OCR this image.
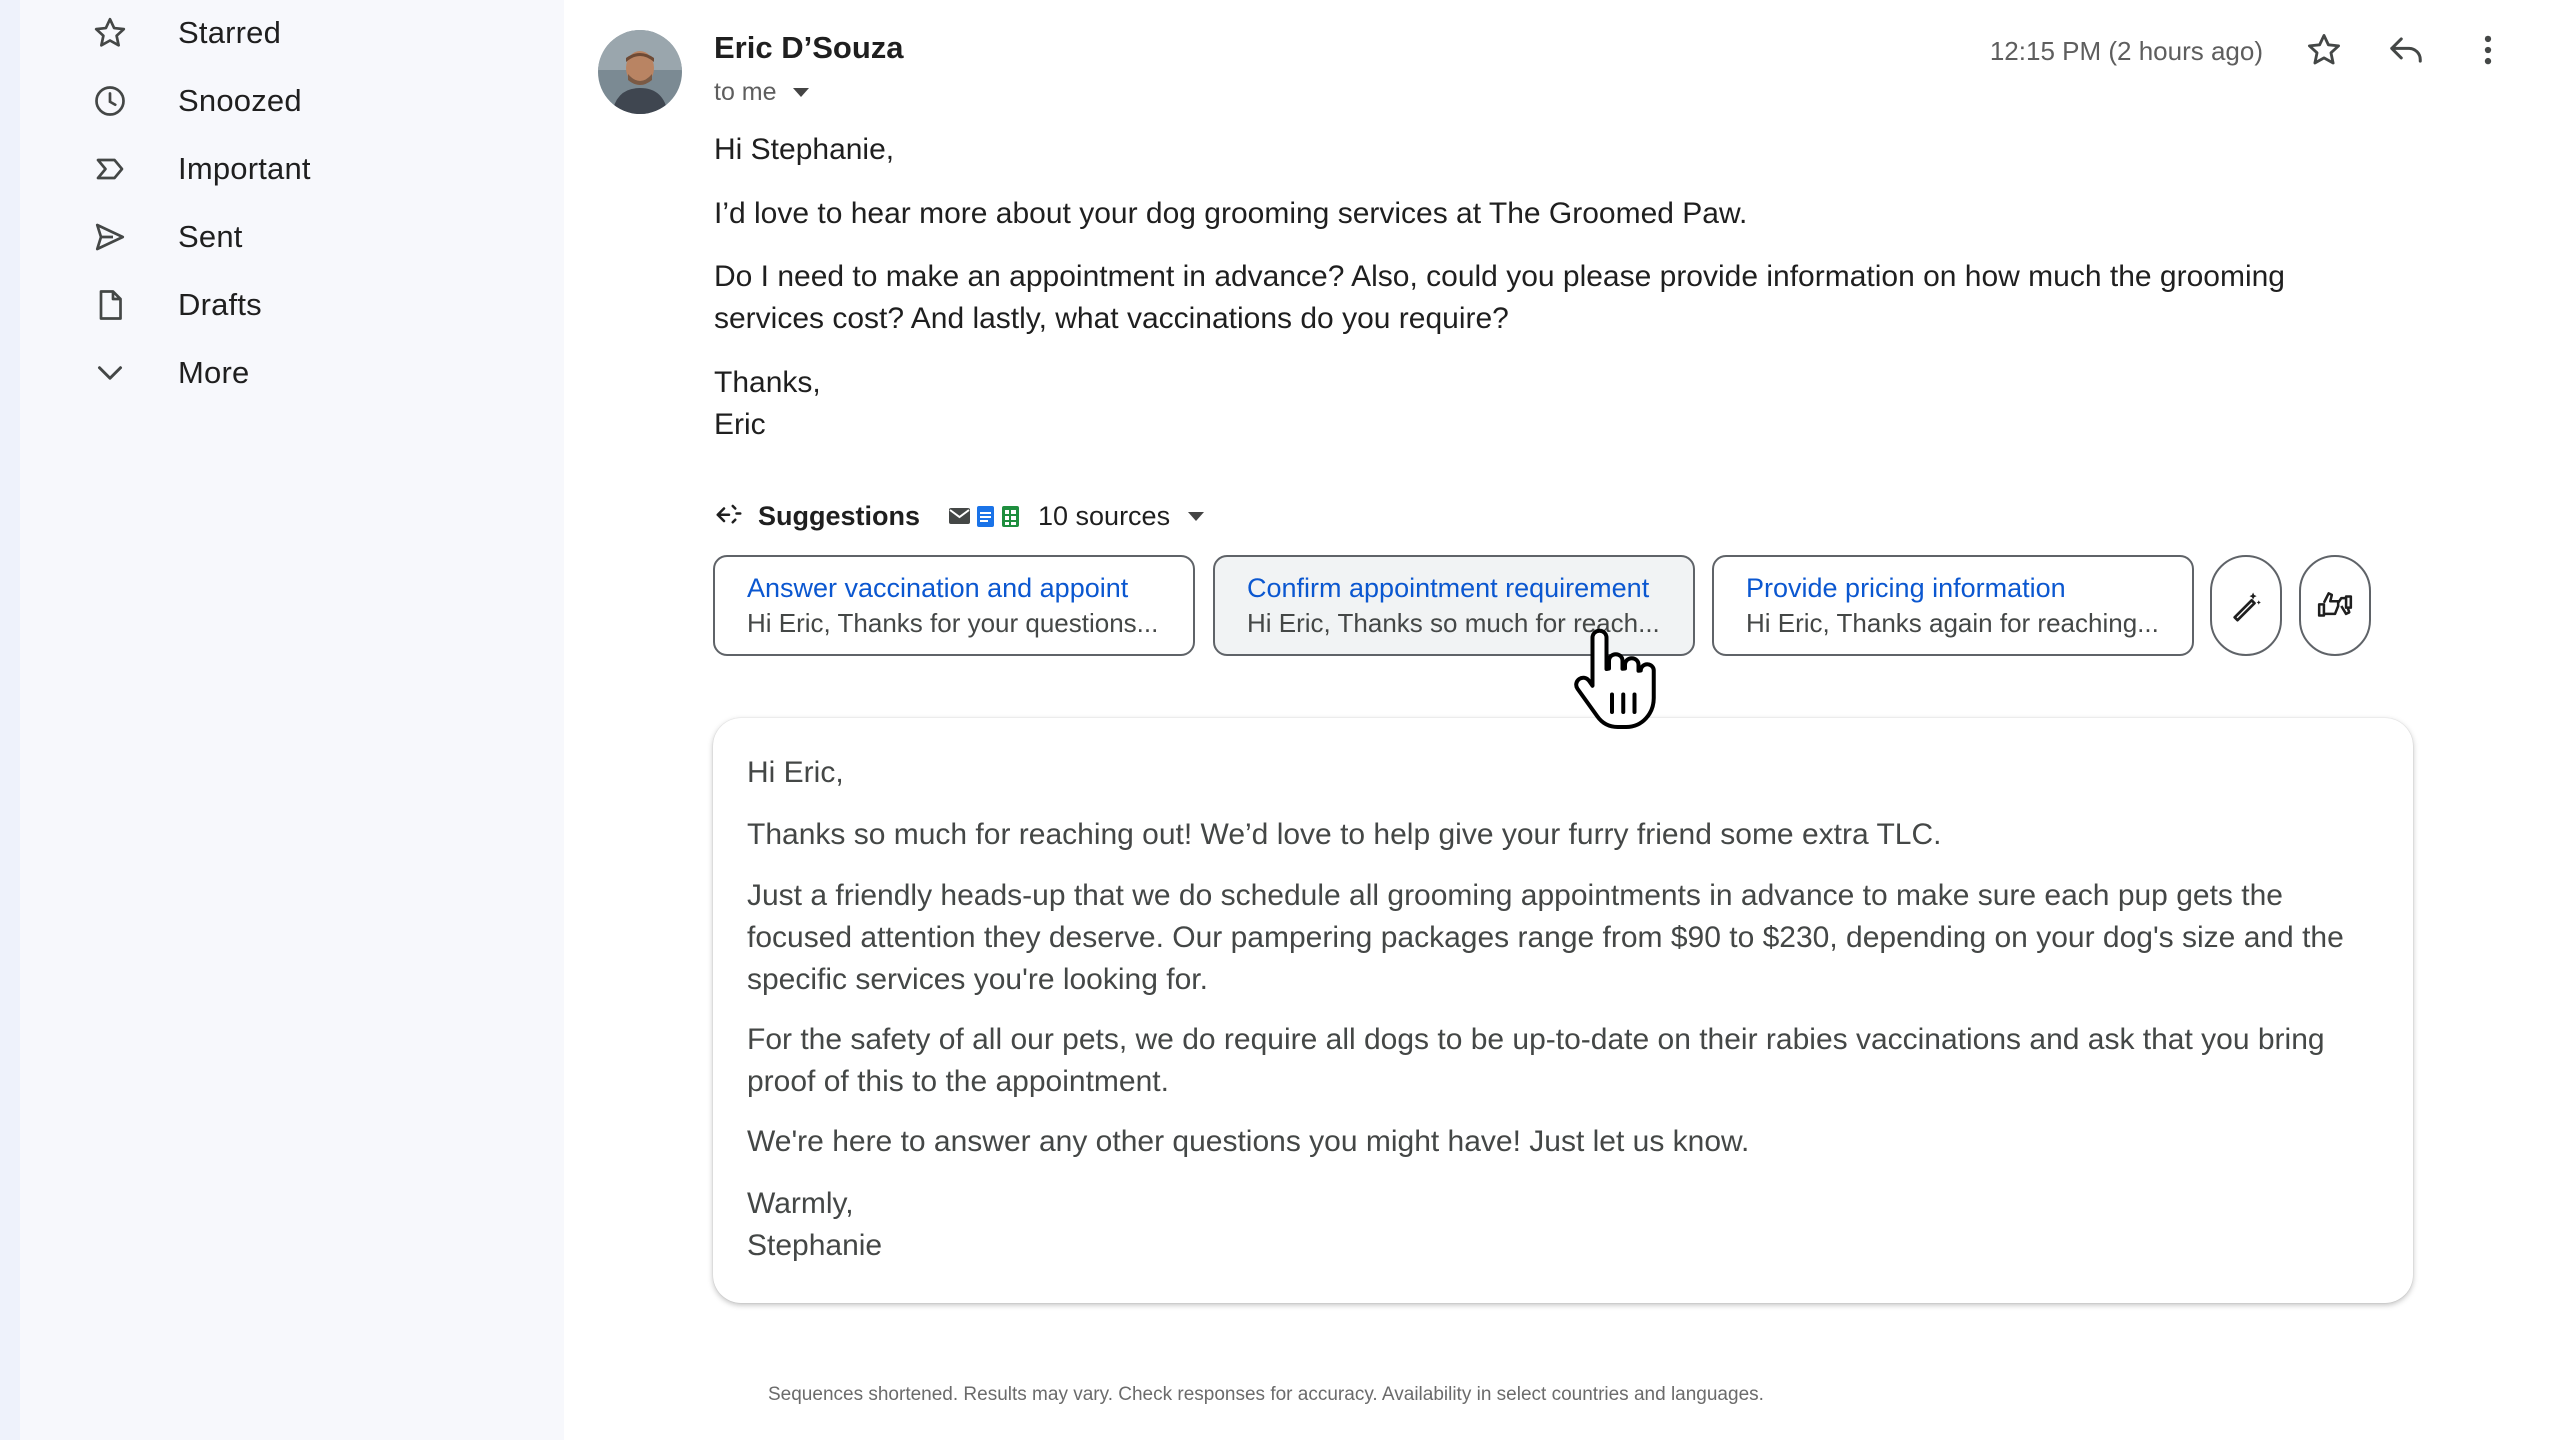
Starred
Snoozed
Important
Sent
Drafts
More
Eric D’Souza
to me
12:15 PM (2 hours ago)
Hi Stephanie,
I’d love to hear more about your dog grooming services at The Groomed Paw.
Do I need to make an appointment in advance? Also, could you please provide information on how much the grooming services cost? And lastly, what vaccinations do you require?
Thanks,
Eric
Suggestions	10 sources
Answer vaccination and appoint
Hi Eric, Thanks for your questions...
Confirm appointment requirement
Hi Eric, Thanks so much for reach...
Provide pricing information
Hi Eric, Thanks again for reaching...
Hi Eric,
Thanks so much for reaching out! We’d love to help give your furry friend some extra TLC.
Just a friendly heads-up that we do schedule all grooming appointments in advance to make sure each pup gets the focused attention they deserve. Our pampering packages range from $90 to $230, depending on your dog's size and the specific services you're looking for.
For the safety of all our pets, we do require all dogs to be up-to-date on their rabies vaccinations and ask that you bring proof of this to the appointment.
We're here to answer any other questions you might have! Just let us know.
Warmly,
Stephanie
Sequences shortened. Results may vary. Check responses for accuracy. Availability in select countries and languages.
